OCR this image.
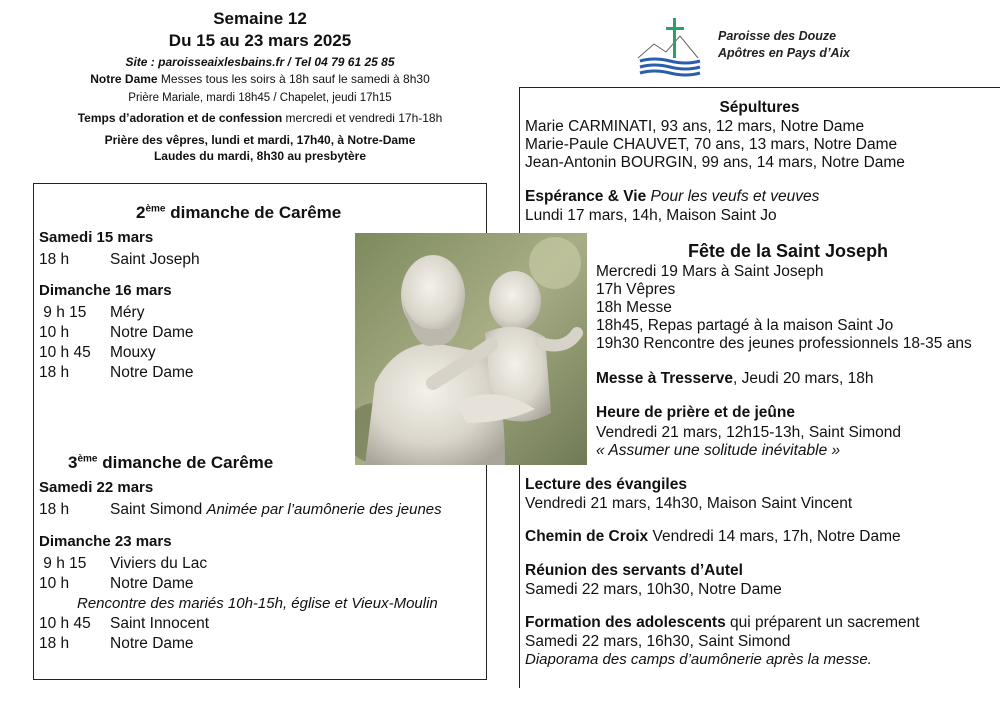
Semaine 12
Du 15 au 23 mars 2025
Site : paroisseaixlesbains.fr / Tel 04 79 61 25 85
Notre Dame Messes tous les soirs à 18h sauf le samedi à 8h30
Prière Mariale, mardi 18h45 / Chapelet, jeudi 17h15
Temps d’adoration et de confession mercredi et vendredi 17h-18h
Prière des vêpres, lundi et mardi, 17h40, à Notre-Dame
Laudes du mardi, 8h30 au presbytère
Paroisse des Douze
Apôtres en Pays d’Aix
2ème dimanche de Carême
Samedi 15 mars
18 h	Saint Joseph
Dimanche 16 mars
9 h 15 Méry
10 h	Notre Dame
10 h 45 Mouxy
18 h	Notre Dame
3ème dimanche de Carême
Samedi 22 mars
18 h	Saint Simond Animée par l’aumônerie des jeunes
Dimanche 23 mars
9 h 15 Viviers du Lac
10 h	Notre Dame
Rencontre des mariés 10h-15h, église et Vieux-Moulin
10 h 45 Saint Innocent
18 h	Notre Dame
Sépultures
Marie CARMINATI, 93 ans, 12 mars, Notre Dame
Marie-Paule CHAUVET, 70 ans, 13 mars, Notre Dame
Jean-Antonin BOURGIN, 99 ans, 14 mars, Notre Dame
Espérance & Vie Pour les veufs et veuves
Lundi 17 mars, 14h, Maison Saint Jo
Fête de la Saint Joseph
Mercredi 19 Mars à Saint Joseph
17h Vêpres
18h Messe
18h45, Repas partagé à la maison Saint Jo
19h30 Rencontre des jeunes professionnels 18-35 ans
Messe à Tresserve, Jeudi 20 mars, 18h
Heure de prière et de jeûne
Vendredi 21 mars, 12h15-13h, Saint Simond
« Assumer une solitude inévitable »
Lecture des évangiles
Vendredi 21 mars, 14h30, Maison Saint Vincent
Chemin de Croix Vendredi 14 mars, 17h, Notre Dame
Réunion des servants d’Autel
Samedi 22 mars, 10h30, Notre Dame
Formation des adolescents qui préparent un sacrement
Samedi 22 mars, 16h30, Saint Simond
Diaporama des camps d’aumônerie après la messe.
